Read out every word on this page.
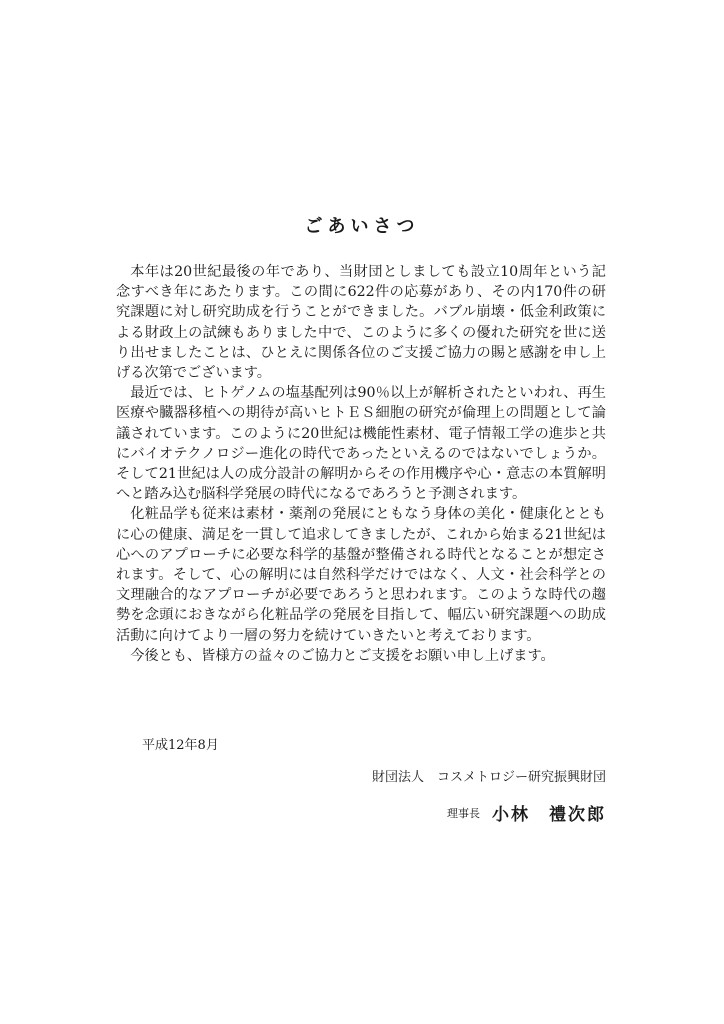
ごあいさつ

本年は20世紀最後の年であり、当財団としましても設立10周年という記念すべき年にあたります。この間に622件の応募があり、その内170件の研究課題に対し研究助成を行うことができました。バブル崩壊・低金利政策による財政上の試練もありました中で、このように多くの優れた研究を世に送り出せましたことは、ひとえに関係各位のご支援ご協力の賜と感謝を申し上げる次第でございます。

最近では、ヒトゲノムの塩基配列は90％以上が解析されたといわれ、再生医療や臓器移植への期待が高いヒトＥＳ細胞の研究が倫理上の問題として論議されています。このように20世紀は機能性素材、電子情報工学の進歩と共にバイオテクノロジー進化の時代であったといえるのではないでしょうか。そして21世紀は人の成分設計の解明からその作用機序や心・意志の本質解明へと踏み込む脳科学発展の時代になるであろうと予測されます。

化粧品学も従来は素材・薬剤の発展にともなう身体の美化・健康化とともに心の健康、満足を一貫して追求してきましたが、これから始まる21世紀は心へのアプローチに必要な科学的基盤が整備される時代となることが想定されます。そして、心の解明には自然科学だけではなく、人文・社会科学との文理融合的なアプローチが必要であろうと思われます。このような時代の趨勢を念頭におきながら化粧品学の発展を目指して、幅広い研究課題への助成活動に向けてより一層の努力を続けていきたいと考えております。

今後とも、皆様方の益々のご協力とご支援をお願い申し上げます。

平成12年8月
財団法人　コスメトロジー研究振興財団
理事長 小林　禮次郎
